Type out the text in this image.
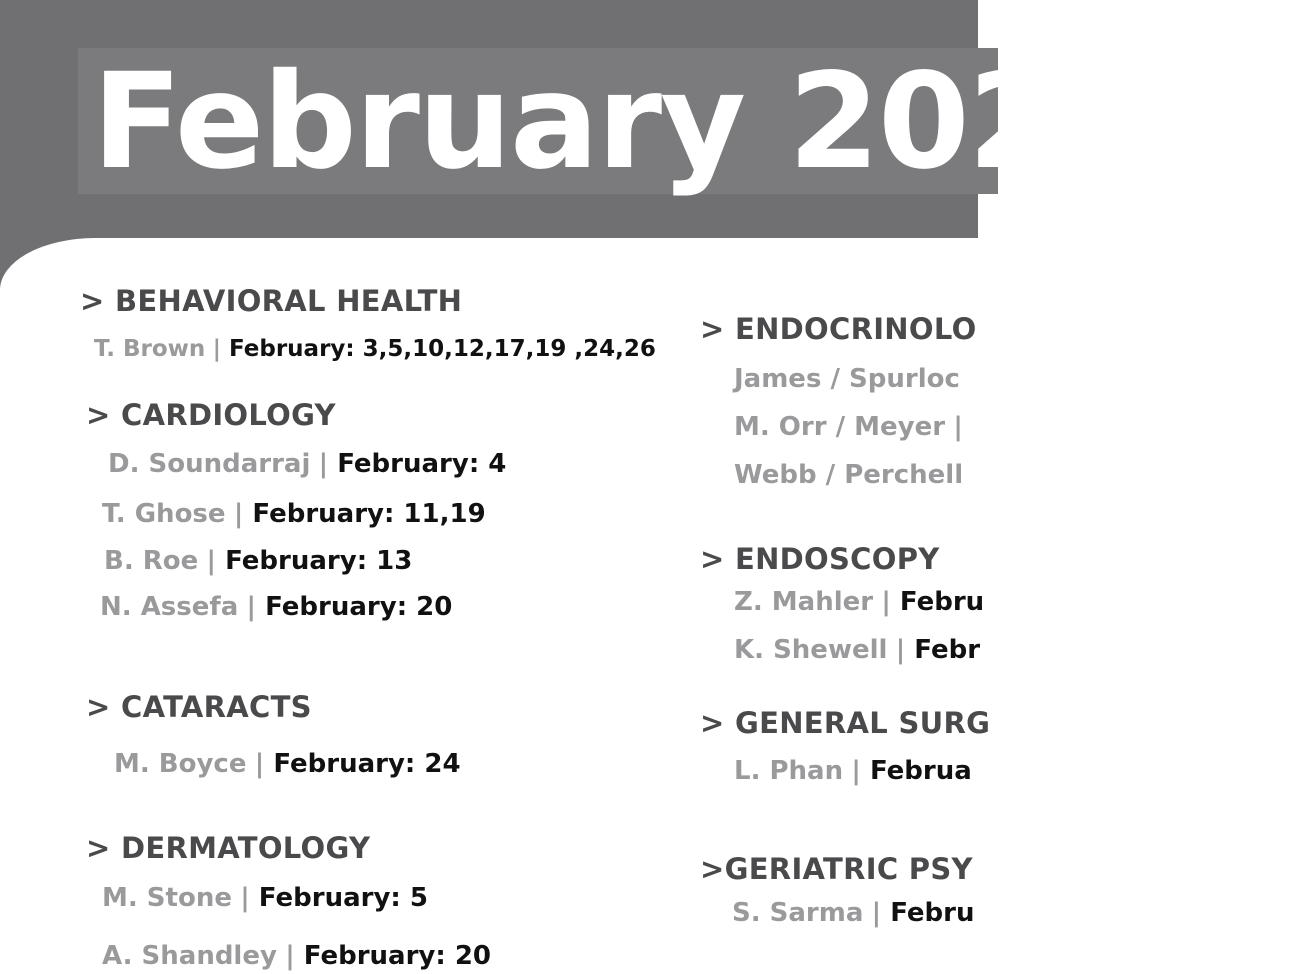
February 2025
> BEHAVIORAL HEALTH
T. Brown | February: 3,5,10,12,17,19 ,24,26
> CARDIOLOGY
D. Soundarraj | February: 4
T. Ghose | February: 11,19
B. Roe | February: 13
N. Assefa | February: 20
> CATARACTS
M. Boyce | February: 24
> DERMATOLOGY
M. Stone | February: 5
A. Shandley | February: 20
> ENDOCRINOLO
James / Spurloc
M. Orr / Meyer |
Webb / Perchell
> ENDOSCOPY
Z. Mahler | Febru
K. Shewell | Febr
> GENERAL SURG
L. Phan | Februa
>GERIATRIC PSY
S. Sarma | Febru
